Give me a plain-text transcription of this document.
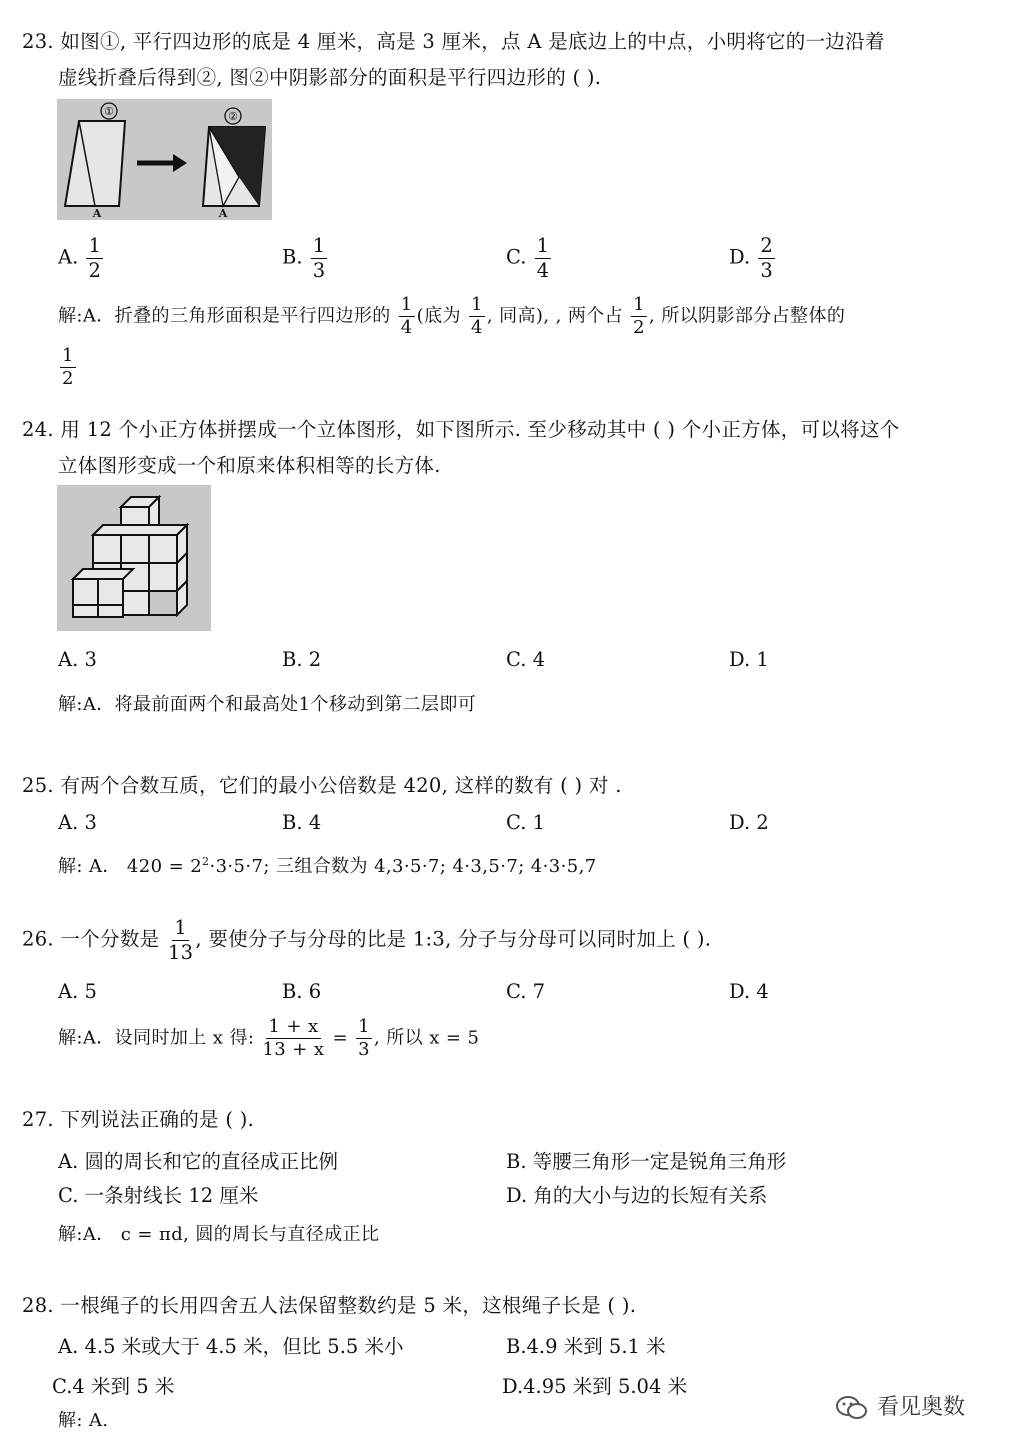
23. 如图①, 平行四边形的底是 4 厘米，高是 3 厘米，点 A 是底边上的中点，小明将它的一边沿着
虚线折叠后得到②, 图②中阴影部分的面积是平行四边形的 ( ).
①
A
②
A
A. $\frac{1}{2}$	B. $\frac{1}{3}$	C. $\frac{1}{4}$	D. $\frac{2}{3}$
解:A．折叠的三角形面积是平行四边形的 $\frac{1}{4}$ (底为 $\frac{1}{4}$ , 同高), , 两个占 $\frac{1}{2}$ , 所以阴影部分占整体的
$\frac{1}{2}$
24. 用 12 个小正方体拼摆成一个立体图形，如下图所示. 至少移动其中 ( ) 个小正方体，可以将这个
立体图形变成一个和原来体积相等的长方体.
A. 3	B. 2	C. 4	D. 1
解:A．将最前面两个和最高处1个移动到第二层即可
25. 有两个合数互质，它们的最小公倍数是 420, 这样的数有 ( ) 对 .
A. 3	B. 4	C. 1	D. 2
解: A． $420 = 2^2\cdot 3\cdot 5\cdot 7$; 三组合数为 4,3·5·7; 4·3,5·7; 4·3·5,7
26. 一个分数是 $\frac{1}{13}$ , 要使分子与分母的比是 1:3, 分子与分母可以同时加上 ( ).
A. 5	B. 6	C. 7	D. 4
解:A．设同时加上 x 得: $\frac{1 + x}{13 + x} = \frac{1}{3}$ , 所以 x = 5
27. 下列说法正确的是 ( ).
A. 圆的周长和它的直径成正比例	B. 等腰三角形一定是锐角三角形
C. 一条射线长 12 厘米	D. 角的大小与边的长短有关系
解:A． c = πd, 圆的周长与直径成正比
28. 一根绳子的长用四舍五人法保留整数约是 5 米，这根绳子长是 ( ).
A. 4.5 米或大于 4.5 米，但比 5.5 米小	B.4.9 米到 5.1 米
C.4 米到 5 米	D.4.95 米到 5.04 米
解: A.
看见奥数
